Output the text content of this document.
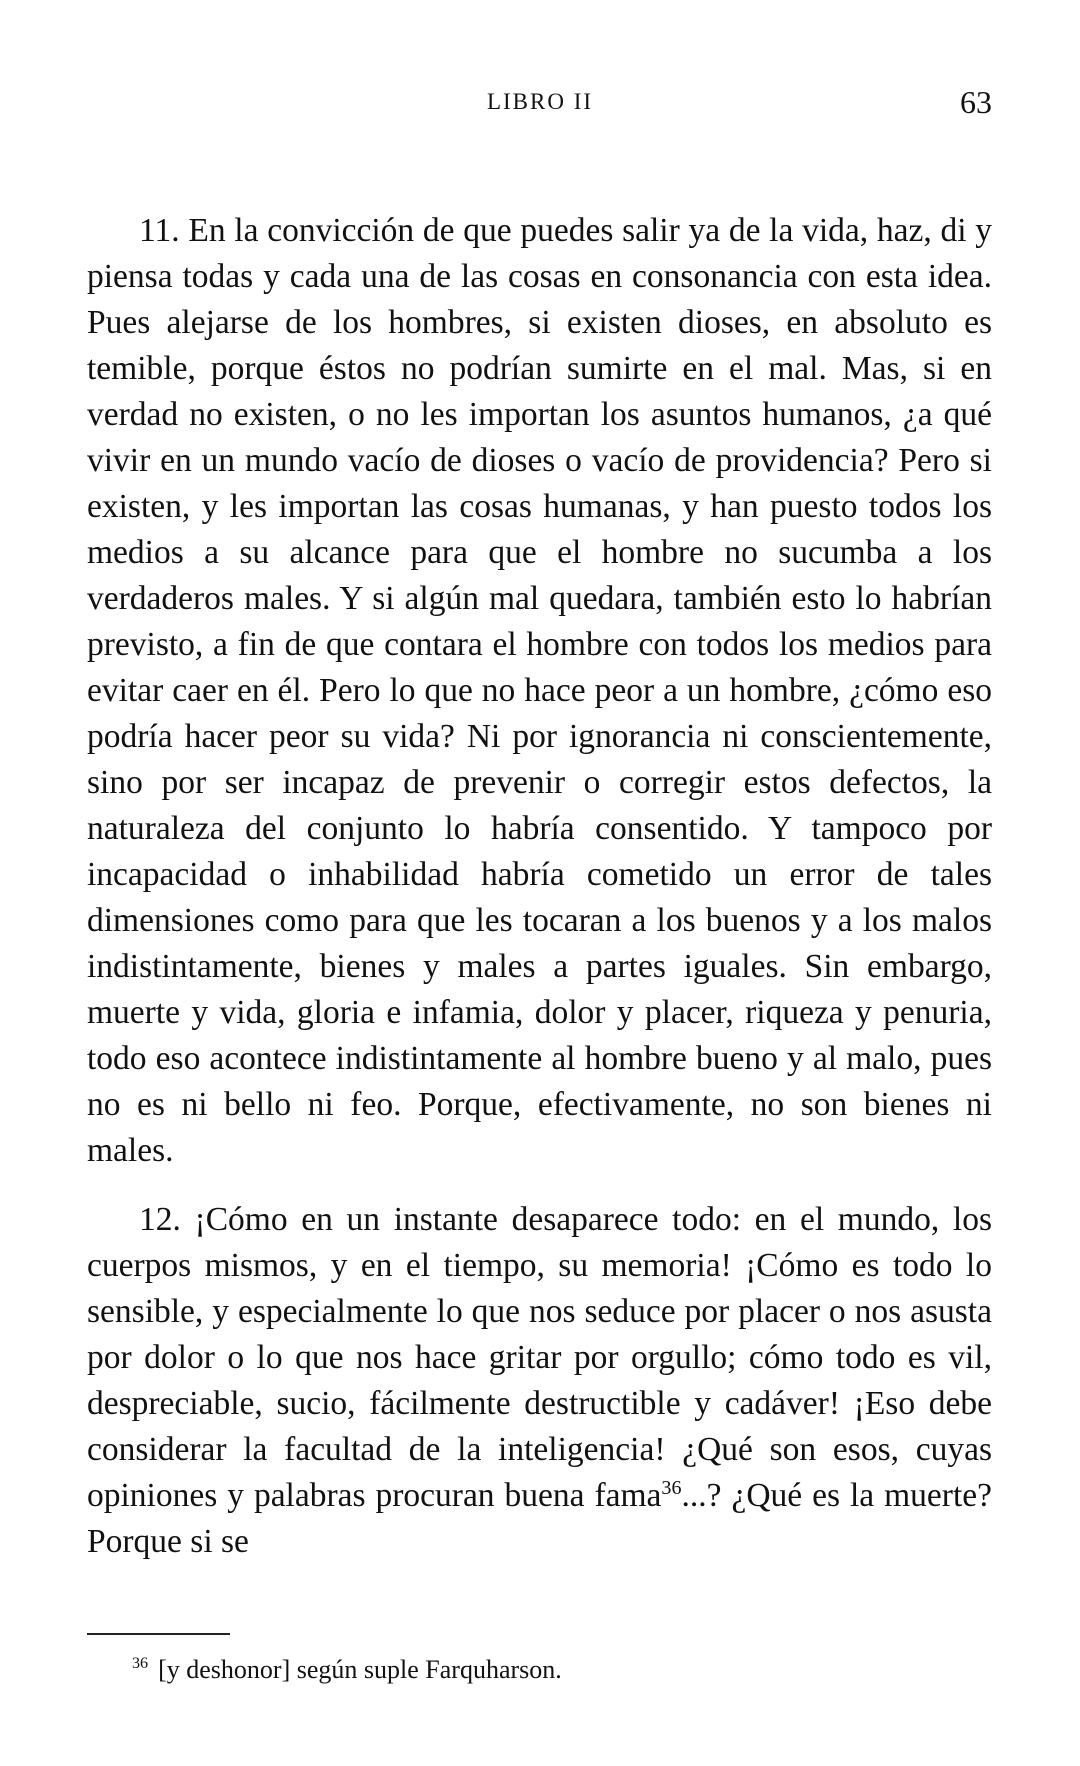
LIBRO II	63

11. En la convicción de que puedes salir ya de la vida, haz, di y piensa todas y cada una de las cosas en consonancia con esta idea. Pues alejarse de los hombres, si existen dioses, en absoluto es temible, porque éstos no podrían sumirte en el mal. Mas, si en verdad no existen, o no les importan los asuntos humanos, ¿a qué vivir en un mundo vacío de dioses o vacío de providencia? Pero si existen, y les importan las cosas humanas, y han puesto todos los medios a su alcance para que el hombre no sucumba a los verdaderos males. Y si algún mal quedara, también esto lo habrían previsto, a fin de que contara el hombre con todos los medios para evitar caer en él. Pero lo que no hace peor a un hombre, ¿cómo eso podría hacer peor su vida? Ni por ignorancia ni conscientemente, sino por ser incapaz de prevenir o corregir estos defectos, la naturaleza del conjunto lo habría consentido. Y tampoco por incapacidad o inhabilidad habría cometido un error de tales dimensiones como para que les tocaran a los buenos y a los malos indistintamente, bienes y males a partes iguales. Sin embargo, muerte y vida, gloria e infamia, dolor y placer, riqueza y penuria, todo eso acontece indistintamente al hombre bueno y al malo, pues no es ni bello ni feo. Porque, efectivamente, no son bienes ni males.

12. ¡Cómo en un instante desaparece todo: en el mundo, los cuerpos mismos, y en el tiempo, su memoria! ¡Cómo es todo lo sensible, y especialmente lo que nos seduce por placer o nos asusta por dolor o lo que nos hace gritar por orgullo; cómo todo es vil, despreciable, sucio, fácilmente destructible y cadáver! ¡Eso debe considerar la facultad de la inteligencia! ¿Qué son esos, cuyas opiniones y palabras procuran buena fama$^{36}$...? ¿Qué es la muerte? Porque si se

$^{36}$ [y deshonor] según suple Farquharson.
